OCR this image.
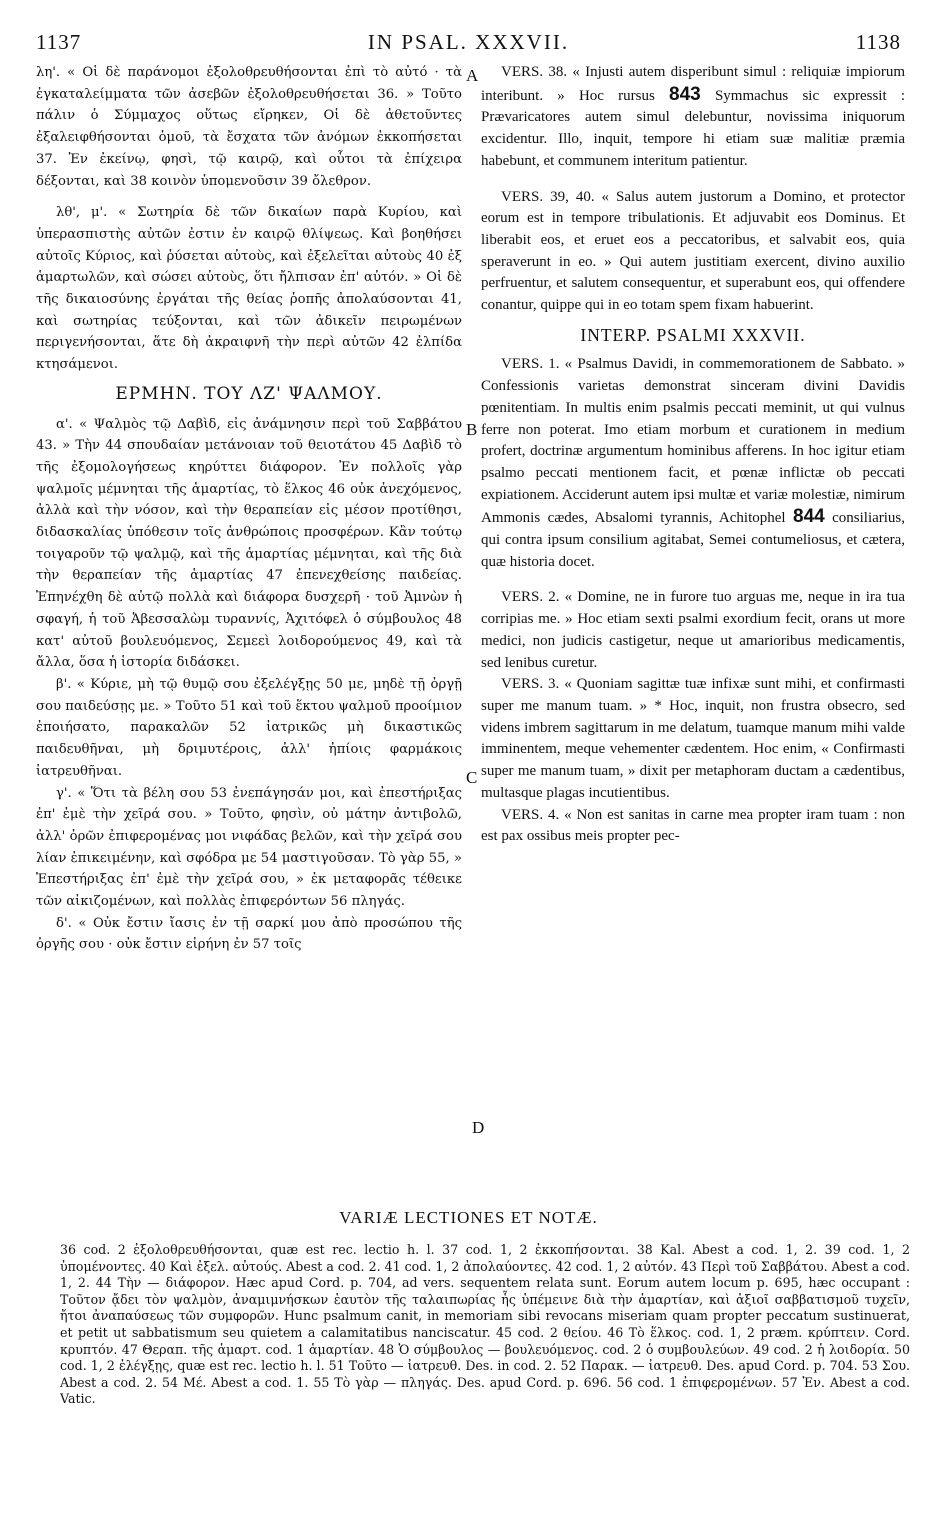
1137	IN PSAL. XXXVII.	1138

λη'. « Οἱ δὲ παράνομοι ἐξολοθρευθήσονται ἐπὶ τὸ αὐτό · τὰ ἐγκαταλείμματα τῶν ἀσεβῶν ἐξολοθρευθήσεται 36. » Τοῦτο πάλιν ὁ Σύμμαχος οὕτως εἴρηκεν, Οἱ δὲ ἀθετοῦντες ἐξαλειφθήσονται ὁμοῦ, τὰ ἔσχατα τῶν ἀνόμων ἐκκοπήσεται 37. Ἐν ἐκείνῳ, φησὶ, τῷ καιρῷ, καὶ οὗτοι τὰ ἐπίχειρα δέξονται, καὶ 38 κοινὸν ὑπομενοῦσιν 39 ὄλεθρον.

λθ', μ'. « Σωτηρία δὲ τῶν δικαίων παρὰ Κυρίου, καὶ ὑπερασπιστὴς αὐτῶν ἐστιν ἐν καιρῷ θλίψεως. Καὶ βοηθήσει αὐτοῖς Κύριος, καὶ ῥύσεται αὐτοὺς, καὶ ἐξελεῖται αὐτοὺς 40 ἐξ ἁμαρτωλῶν, καὶ σώσει αὐτοὺς, ὅτι ἤλπισαν ἐπ' αὐτόν. » Οἱ δὲ τῆς δικαιοσύνης ἐργάται τῆς θείας ῥοπῆς ἀπολαύσονται 41, καὶ σωτηρίας τεύξονται, καὶ τῶν ἀδικεῖν πειρωμένων περιγενήσονται, ἅτε δὴ ἀκραιφνῆ τὴν περὶ αὐτῶν 42 ἐλπίδα κτησάμενοι.

ΕΡΜΗΝ. ΤΟΥ ΛΖ' ΨΑΛΜΟΥ.

α'. « Ψαλμὸς τῷ Δαβὶδ, εἰς ἀνάμνησιν περὶ τοῦ Σαββάτου 43. » Τὴν 44 σπουδαίαν μετάνοιαν τοῦ θειοτάτου 45 Δαβὶδ τὸ τῆς ἐξομολογήσεως κηρύττει διάφορον. Ἐν πολλοῖς γὰρ ψαλμοῖς μέμνηται τῆς ἁμαρτίας, τὸ ἕλκος 46 οὐκ ἀνεχόμενος, ἀλλὰ καὶ τὴν νόσον, καὶ τὴν θεραπείαν εἰς μέσον προτίθησι, διδασκαλίας ὑπόθεσιν τοῖς ἀνθρώποις προσφέρων. Κἂν τούτῳ τοιγαροῦν τῷ ψαλμῷ, καὶ τῆς ἁμαρτίας μέμνηται, καὶ τῆς διὰ τὴν θεραπείαν τῆς ἁμαρτίας 47 ἐπενεχθείσης παιδείας. Ἐπηνέχθη δὲ αὐτῷ πολλὰ καὶ διάφορα δυσχερῆ · τοῦ Ἀμνὼν ἡ σφαγή, ἡ τοῦ Ἀβεσσαλὼμ τυραννίς, Ἀχιτόφελ ὁ σύμβουλος 48 κατ' αὐτοῦ βουλευόμενος, Σεμεεὶ λοιδορούμενος 49, καὶ τὰ ἄλλα, ὅσα ἡ ἱστορία διδάσκει.

β'. « Κύριε, μὴ τῷ θυμῷ σου ἐξελέγξῃς 50 με, μηδὲ τῇ ὀργῇ σου παιδεύσῃς με. » Τοῦτο 51 καὶ τοῦ ἕκτου ψαλμοῦ προοίμιον ἐποιήσατο, παρακαλῶν 52 ἰατρικῶς μὴ δικαστικῶς παιδευθῆναι, μὴ δριμυτέροις, ἀλλ' ἠπίοις φαρμάκοις ἰατρευθῆναι.

γ'. « Ὅτι τὰ βέλη σου 53 ἐνεπάγησάν μοι, καὶ ἐπεστήριξας ἐπ' ἐμὲ τὴν χεῖρά σου. » Τοῦτο, φησὶν, οὐ μάτην ἀντιβολῶ, ἀλλ' ὁρῶν ἐπιφερομένας μοι νιφάδας βελῶν, καὶ τὴν χεῖρά σου λίαν ἐπικειμένην, καὶ σφόδρα με 54 μαστιγοῦσαν. Τὸ γὰρ 55, » Ἐπεστήριξας ἐπ' ἐμὲ τὴν χεῖρά σου, » ἐκ μεταφορᾶς τέθεικε τῶν αἰκιζομένων, καὶ πολλὰς ἐπιφερόντων 56 πληγάς.

δ'. « Οὐκ ἔστιν ἴασις ἐν τῇ σαρκί μου ἀπὸ προσώπου τῆς ὀργῆς σου · οὐκ ἔστιν εἰρήνη ἐν 57 τοῖς

A
B
C
D

VERS. 38. « Injusti autem disperibunt simul : reliquiæ impiorum interibunt. » Hoc rursus 843 Symmachus sic expressit : Prævaricatores autem simul delebuntur, novissima iniquorum excidentur. Illo, inquit, tempore hi etiam suæ malitiæ præmia habebunt, et communem interitum patientur.

VERS. 39, 40. « Salus autem justorum a Domino, et protector eorum est in tempore tribulationis. Et adjuvabit eos Dominus. Et liberabit eos, et eruet eos a peccatoribus, et salvabit eos, quia speraverunt in eo. » Qui autem justitiam exercent, divino auxilio perfruentur, et salutem consequentur, et superabunt eos, qui offendere conantur, quippe qui in eo totam spem fixam habuerint.

INTERP. PSALMI XXXVII.

VERS. 1. « Psalmus Davidi, in commemorationem de Sabbato. » Confessionis varietas demonstrat sinceram divini Davidis pœnitentiam. In multis enim psalmis peccati meminit, ut qui vulnus ferre non poterat. Imo etiam morbum et curationem in medium profert, doctrinæ argumentum hominibus afferens. In hoc igitur etiam psalmo peccati mentionem facit, et pœnæ inflictæ ob peccati expiationem. Acciderunt autem ipsi multæ et variæ molestiæ, nimirum Ammonis cædes, Absalomi tyrannis, Achitophel 844 consiliarius, qui contra ipsum consilium agitabat, Semei contumeliosus, et cætera, quæ historia docet.

VERS. 2. « Domine, ne in furore tuo arguas me, neque in ira tua corripias me. » Hoc etiam sexti psalmi exordium fecit, orans ut more medici, non judicis castigetur, neque ut amarioribus medicamentis, sed lenibus curetur.

VERS. 3. « Quoniam sagittæ tuæ infixæ sunt mihi, et confirmasti super me manum tuam. » * Hoc, inquit, non frustra obsecro, sed videns imbrem sagittarum in me delatum, tuamque manum mihi valde imminentem, meque vehementer cædentem. Hoc enim, « Confirmasti super me manum tuam, » dixit per metaphoram ductam a cædentibus, multasque plagas incutientibus.

VERS. 4. « Non est sanitas in carne mea propter iram tuam : non est pax ossibus meis propter pec-

VARIÆ LECTIONES ET NOTÆ.

36 cod. 2 ἐξολοθρευθήσονται, quæ est rec. lectio h. l. 37 cod. 1, 2 ἐκκοπήσονται. 38 Kal. Abest a cod. 1, 2. 39 cod. 1, 2 ὑπομένοντες. 40 Καὶ ἐξελ. αὐτούς. Abest a cod. 2. 41 cod. 1, 2 ἀπολαύοντες. 42 cod. 1, 2 αὐτόν. 43 Περὶ τοῦ Σαββάτου. Abest a cod. 1, 2. 44 Τὴν — διάφορον. Hæc apud Cord. p. 704, ad vers. sequentem relata sunt. Eorum autem locum p. 695, hæc occupant : Τοῦτον ᾄδει τὸν ψαλμὸν, ἀναμιμνήσκων ἑαυτὸν τῆς ταλαιπωρίας ἧς ὑπέμεινε διὰ τὴν ἁμαρτίαν, καὶ ἀξιοῖ σαββατισμοῦ τυχεῖν, ἤτοι ἀναπαύσεως τῶν συμφορῶν. Hunc psalmum canit, in memoriam sibi revocans miseriam quam propter peccatum sustinuerat, et petit ut sabbatismum seu quietem a calamitatibus nanciscatur. 45 cod. 2 θείου. 46 Τὸ ἕλκος. cod. 1, 2 præm. κρύπτειν. Cord. κρυπτόν. 47 Θεραπ. τῆς ἁμαρτ. cod. 1 ἁμαρτίαν. 48 Ὁ σύμβουλος — βουλευόμενος. cod. 2 ὁ συμβουλεύων. 49 cod. 2 ἡ λοιδορία. 50 cod. 1, 2 ἐλέγξῃς, quæ est rec. lectio h. l. 51 Τοῦτο — ἰατρευθ. Des. in cod. 2. 52 Παρακ. — ἰατρευθ. Des. apud Cord. p. 704. 53 Σου. Abest a cod. 2. 54 Μέ. Abest a cod. 1. 55 Τὸ γὰρ — πληγάς. Des. apud Cord. p. 696. 56 cod. 1 ἐπιφερομένων. 57 Ἐν. Abest a cod. Vatic.
